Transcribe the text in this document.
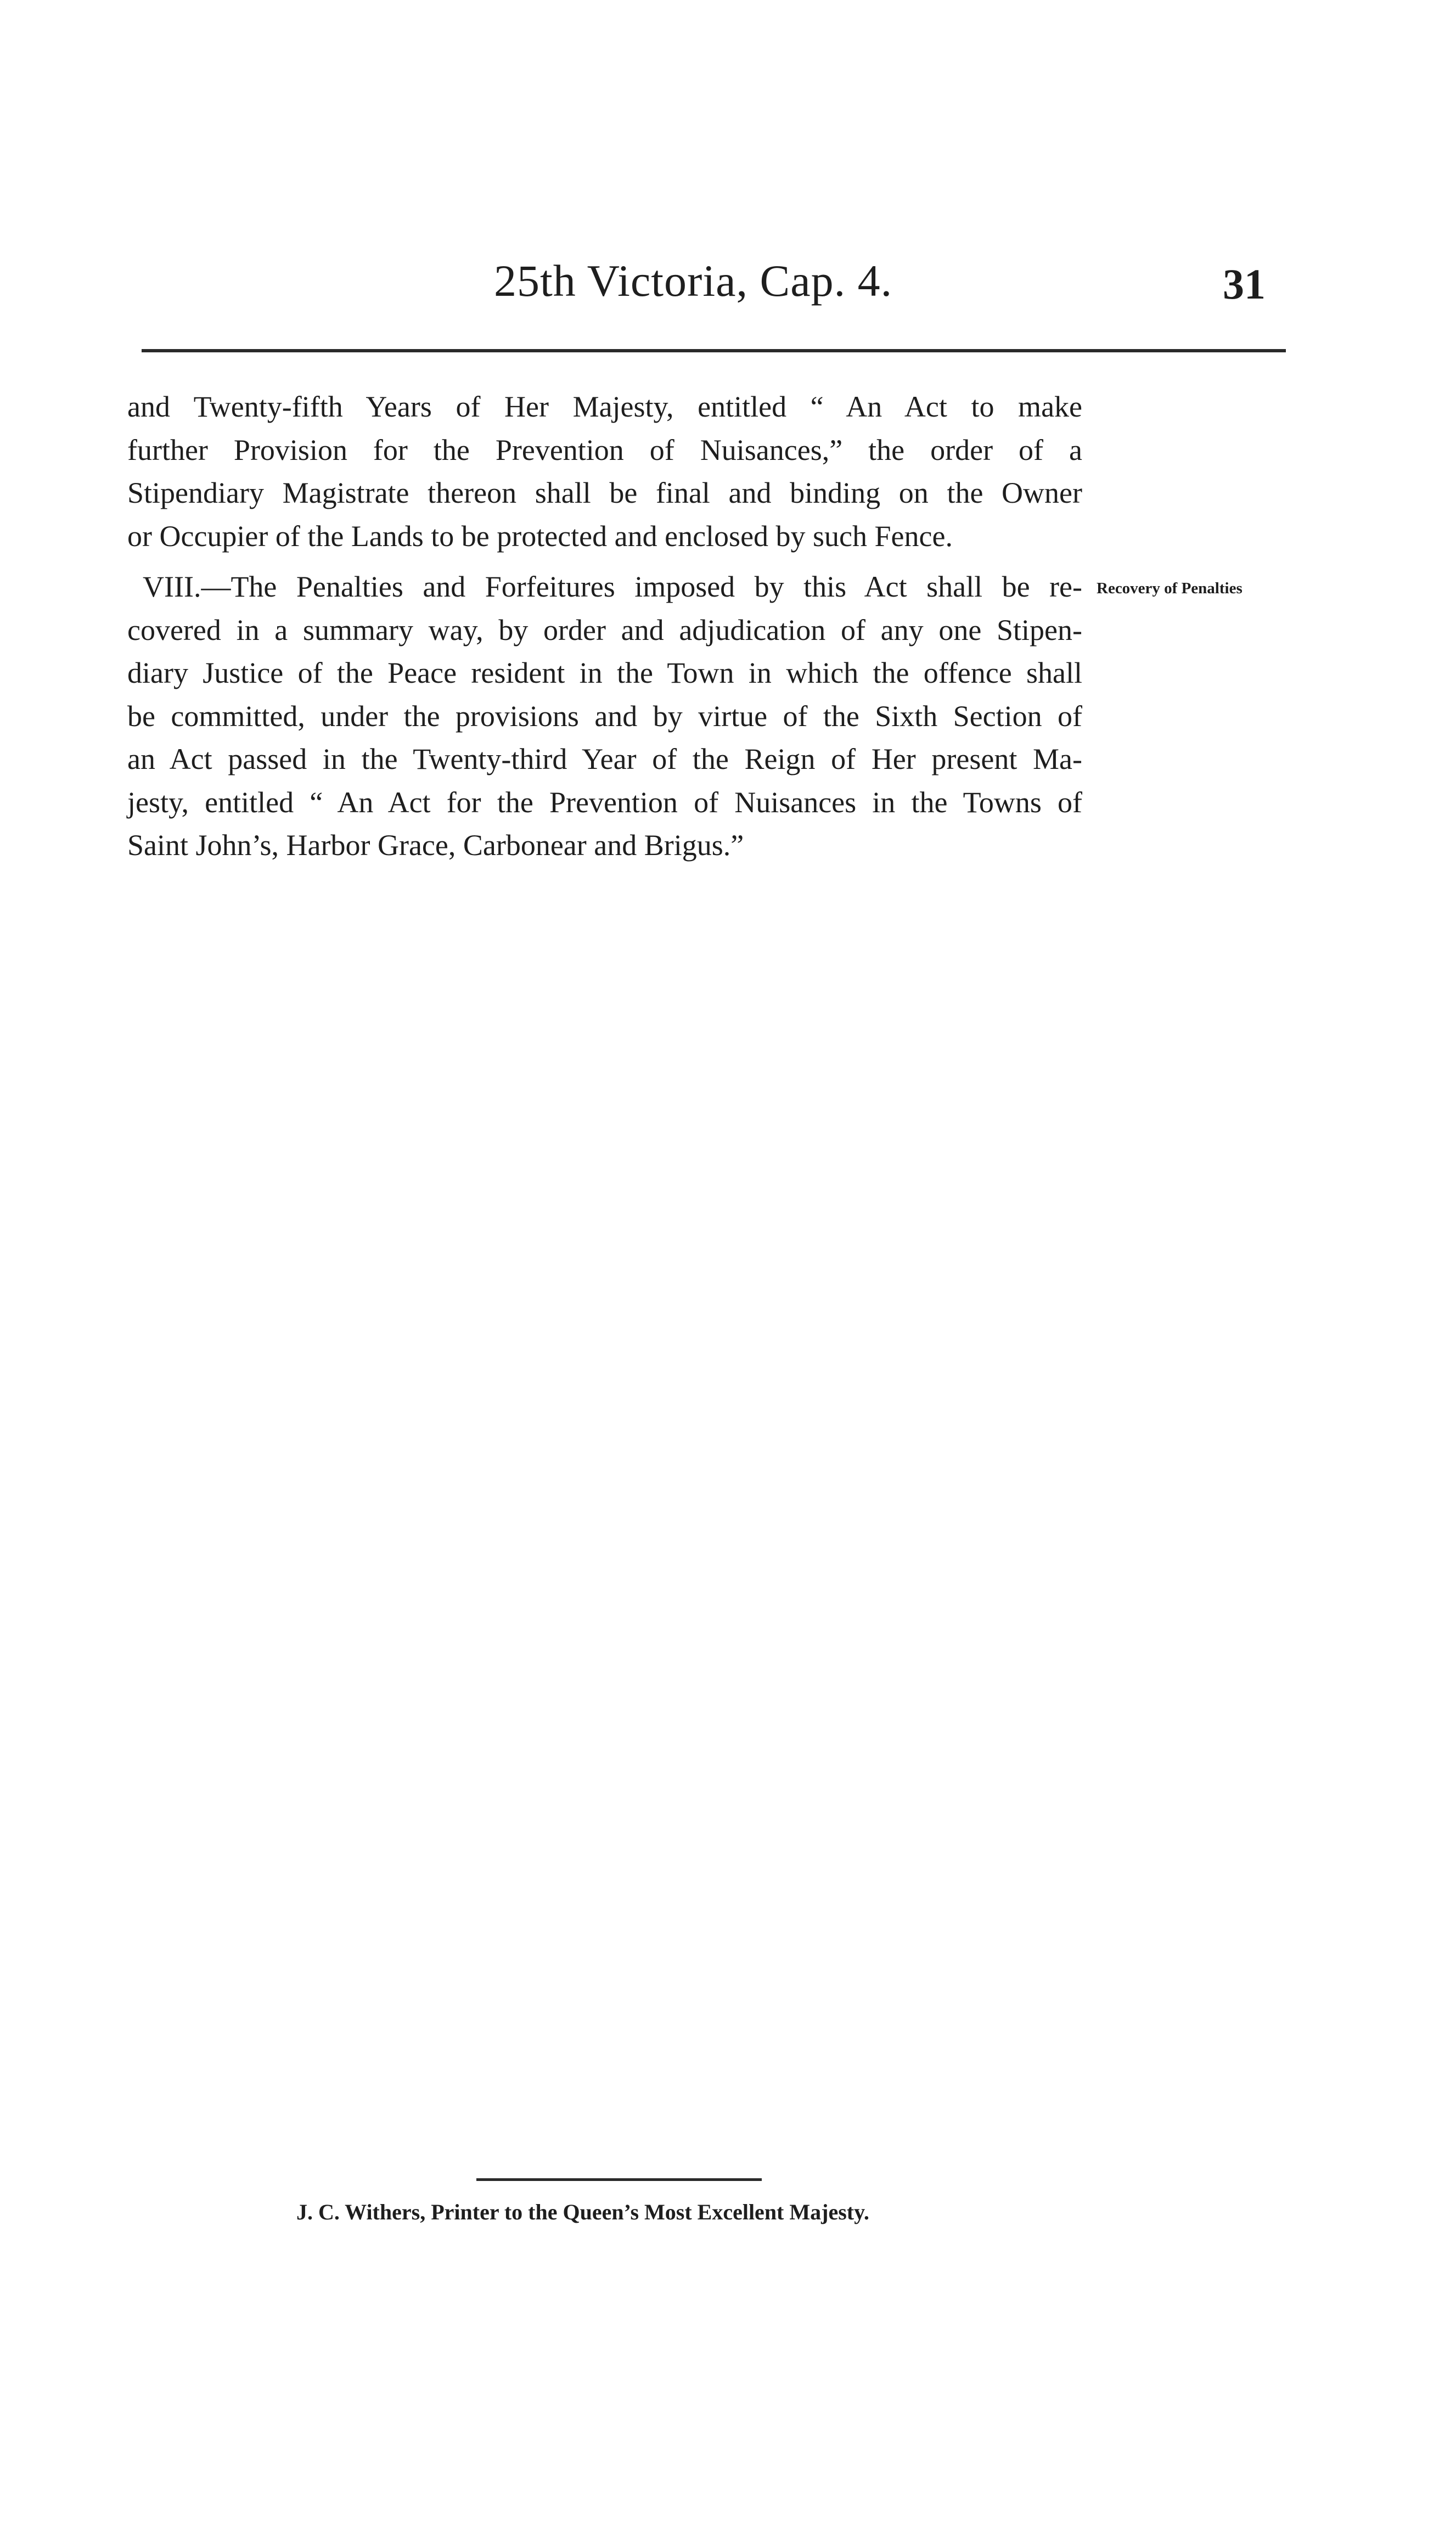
25th Victoria, Cap. 4.	31
and Twenty-fifth Years of Her Majesty, entitled “ An Act to make
further Provision for the Prevention of Nuisances,” the order of a
Stipendiary Magistrate thereon shall be final and binding on the Owner
or Occupier of the Lands to be protected and enclosed by such Fence.
VIII.—The Penalties and Forfeitures imposed by this Act shall be re-
covered in a summary way, by order and adjudication of any one Stipen-
diary Justice of the Peace resident in the Town in which the offence shall
be committed, under the provisions and by virtue of the Sixth Section of
an Act passed in the Twenty-third Year of the Reign of Her present Ma-
jesty, entitled “ An Act for the Prevention of Nuisances in the Towns of
Saint John’s, Harbor Grace, Carbonear and Brigus.”
Recovery of Penalties
J. C. Withers, Printer to the Queen’s Most Excellent Majesty.
